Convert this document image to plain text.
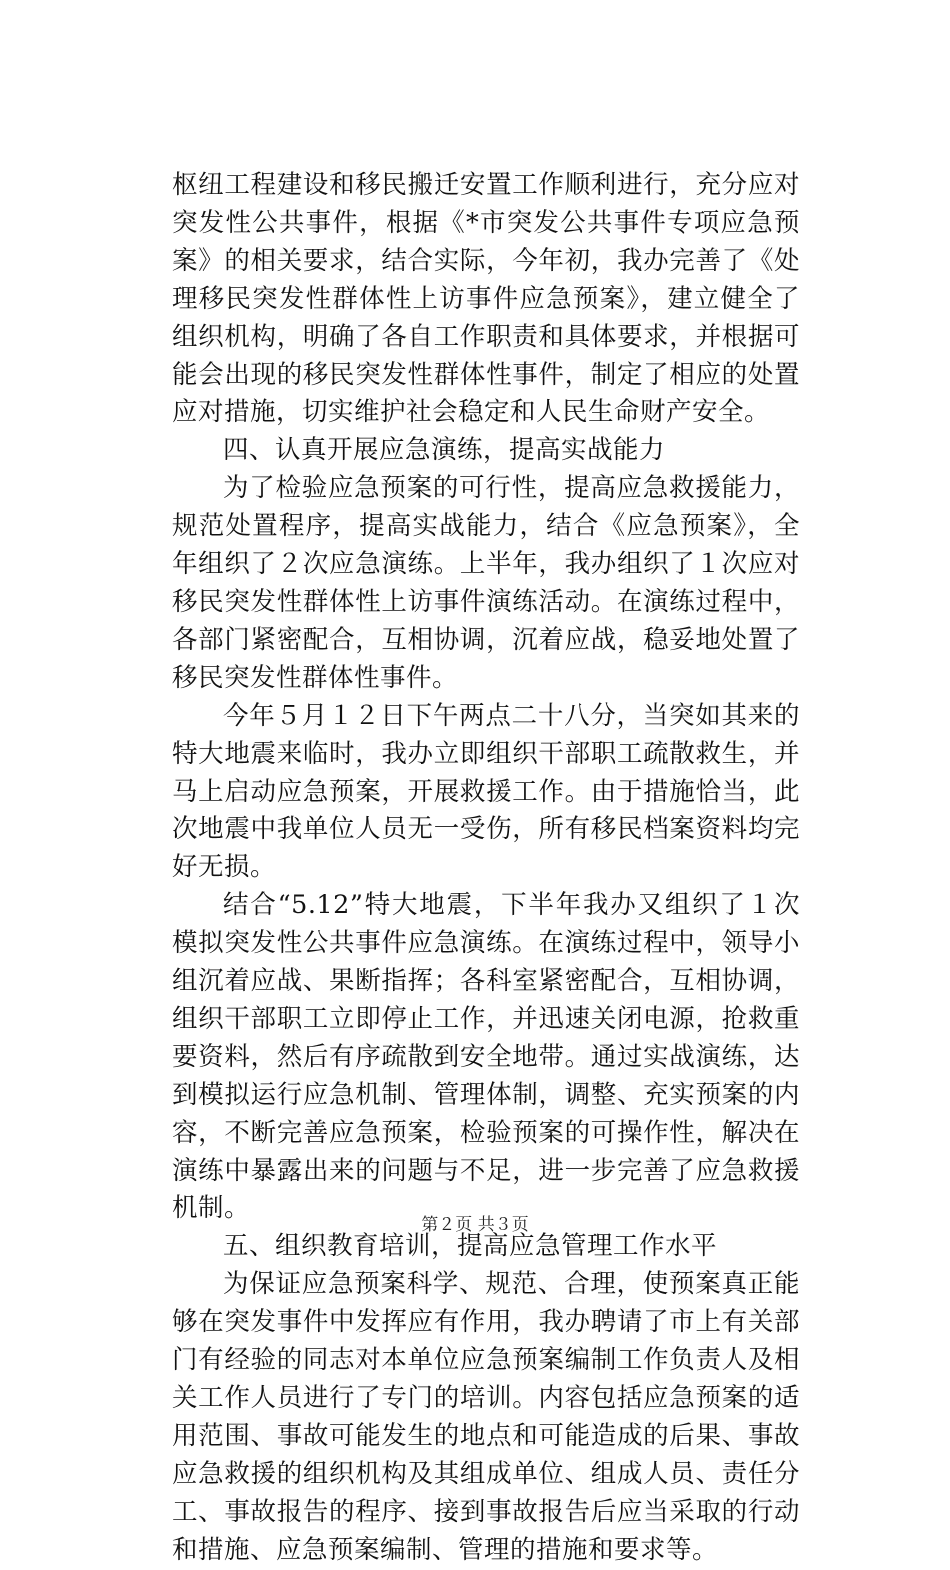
枢纽工程建设和移民搬迁安置工作顺利进行，充分应对突发性公共事件，根据《*市突发公共事件专项应急预案》的相关要求，结合实际，今年初，我办完善了《处理移民突发性群体性上访事件应急预案》，建立健全了组织机构，明确了各自工作职责和具体要求，并根据可能会出现的移民突发性群体性事件，制定了相应的处置应对措施，切实维护社会稳定和人民生命财产安全。

四、认真开展应急演练，提高实战能力

为了检验应急预案的可行性，提高应急救援能力，规范处置程序，提高实战能力，结合《应急预案》，全年组织了２次应急演练。上半年，我办组织了１次应对移民突发性群体性上访事件演练活动。在演练过程中，各部门紧密配合，互相协调，沉着应战，稳妥地处置了移民突发性群体性事件。

今年５月１２日下午两点二十八分，当突如其来的特大地震来临时，我办立即组织干部职工疏散救生，并马上启动应急预案，开展救援工作。由于措施恰当，此次地震中我单位人员无一受伤，所有移民档案资料均完好无损。

结合“5.12”特大地震，下半年我办又组织了１次模拟突发性公共事件应急演练。在演练过程中，领导小组沉着应战、果断指挥；各科室紧密配合，互相协调，组织干部职工立即停止工作，并迅速关闭电源，抢救重要资料，然后有序疏散到安全地带。通过实战演练，达到模拟运行应急机制、管理体制，调整、充实预案的内容，不断完善应急预案，检验预案的可操作性，解决在演练中暴露出来的问题与不足，进一步完善了应急救援机制。

五、组织教育培训，提高应急管理工作水平

为保证应急预案科学、规范、合理，使预案真正能够在突发事件中发挥应有作用，我办聘请了市上有关部门有经验的同志对本单位应急预案编制工作负责人及相关工作人员进行了专门的培训。内容包括应急预案的适用范围、事故可能发生的地点和可能造成的后果、事故应急救援的组织机构及其组成单位、组成人员、责任分工、事故报告的程序、接到事故报告后应当采取的行动和措施、应急预案编制、管理的措施和要求等。

第２页 共３页
